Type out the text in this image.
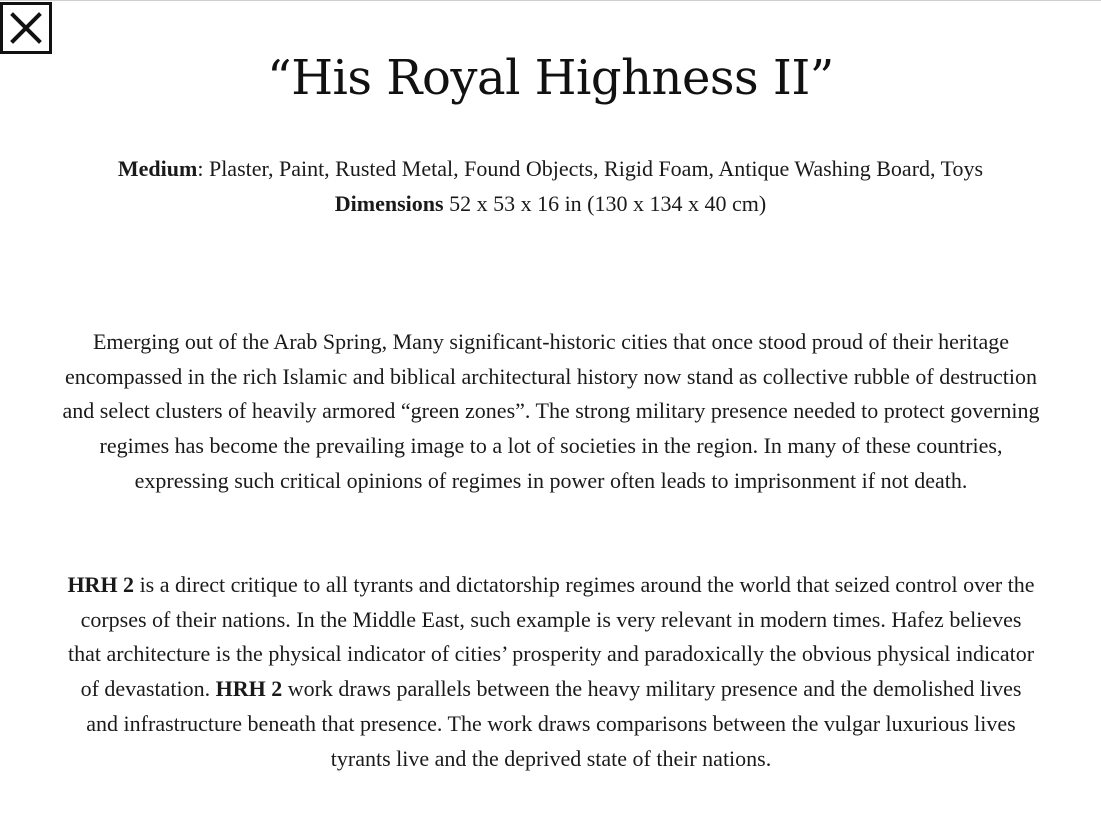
“His Royal Highness II”
Medium: Plaster, Paint, Rusted Metal, Found Objects, Rigid Foam, Antique Washing Board, Toys
Dimensions 52 x 53 x 16 in (130 x 134 x 40 cm)

Emerging out of the Arab Spring, Many significant-historic cities that once stood proud of their heritage encompassed in the rich Islamic and biblical architectural history now stand as collective rubble of destruction and select clusters of heavily armored “green zones”. The strong military presence needed to protect governing regimes has become the prevailing image to a lot of societies in the region. In many of these countries, expressing such critical opinions of regimes in power often leads to imprisonment if not death.

HRH 2 is a direct critique to all tyrants and dictatorship regimes around the world that seized control over the corpses of their nations. In the Middle East, such example is very relevant in modern times. Hafez believes that architecture is the physical indicator of cities’ prosperity and paradoxically the obvious physical indicator of devastation. HRH 2 work draws parallels between the heavy military presence and the demolished lives and infrastructure beneath that presence. The work draws comparisons between the vulgar luxurious lives tyrants live and the deprived state of their nations.
